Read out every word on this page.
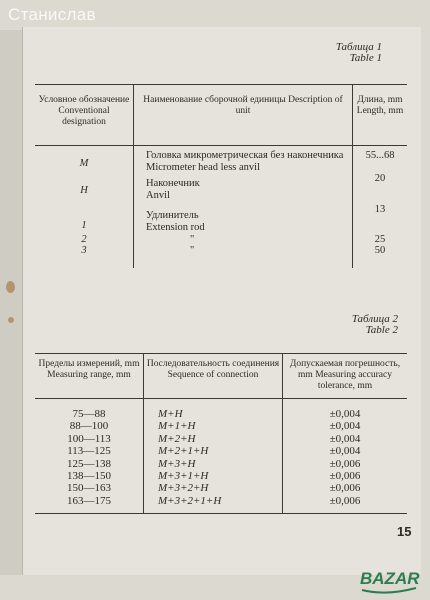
Станислав
Таблица 1
Table 1
Условное обозначение Conventional designation	Наименование сборочной единицы Description of unit	Длина, mm Length, mm
M	Головка микрометрическая без наконечника
Micrometer head less anvil	55...68
H	Наконечник
Anvil	20
1	Удлинитель
Extension rod	13
2	"	25
3	"	50
Таблица 2
Table 2
Пределы измерений, mm Measuring range, mm	Последовательность соединения Sequence of connection	Допускаемая погрешность, mm Measuring accuracy tolerance, mm
75—88	M+H	±0,004
88—100	M+1+H	±0,004
100—113	M+2+H	±0,004
113—125	M+2+1+H	±0,004
125—138	M+3+H	±0,006
138—150	M+3+1+H	±0,006
150—163	M+3+2+H	±0,006
163—175	M+3+2+1+H	±0,006
15
BAZAR
